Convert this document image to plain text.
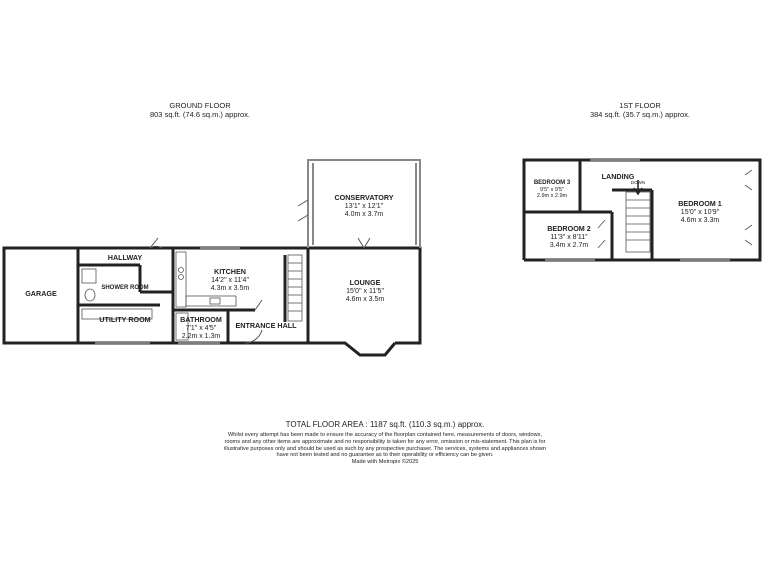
GROUND FLOOR
803 sq.ft. (74.6 sq.m.) approx.
1ST FLOOR
384 sq.ft. (35.7 sq.m.) approx.
GARAGE
HALLWAY
SHOWER ROOM
UTILITY ROOM
KITCHEN
14'2" x 11'4"
4.3m x 3.5m
BATHROOM
7'1" x 4'5"
2.2m x 1.3m
ENTRANCE HALL
CONSERVATORY
13'1" x 12'1"
4.0m x 3.7m
LOUNGE
15'0" x 11'5"
4.6m x 3.5m
BEDROOM 3
9'5" x 9'5"
2.9m x 2.9m
LANDING
DOWN
BEDROOM 2
11'3" x 8'11"
3.4m x 2.7m
BEDROOM 1
15'0" x 10'9"
4.6m x 3.3m
TOTAL FLOOR AREA : 1187 sq.ft. (110.3 sq.m.) approx.
Whilst every attempt has been made to ensure the accuracy of the floorplan contained here, measurements of doors, windows, rooms and any other items are approximate and no responsibility is taken for any error, omission or mis-statement. This plan is for illustrative purposes only and should be used as such by any prospective purchaser. The services, systems and appliances shown have not been tested and no guarantee as to their operability or efficiency can be given.
Made with Metropix ©2025
